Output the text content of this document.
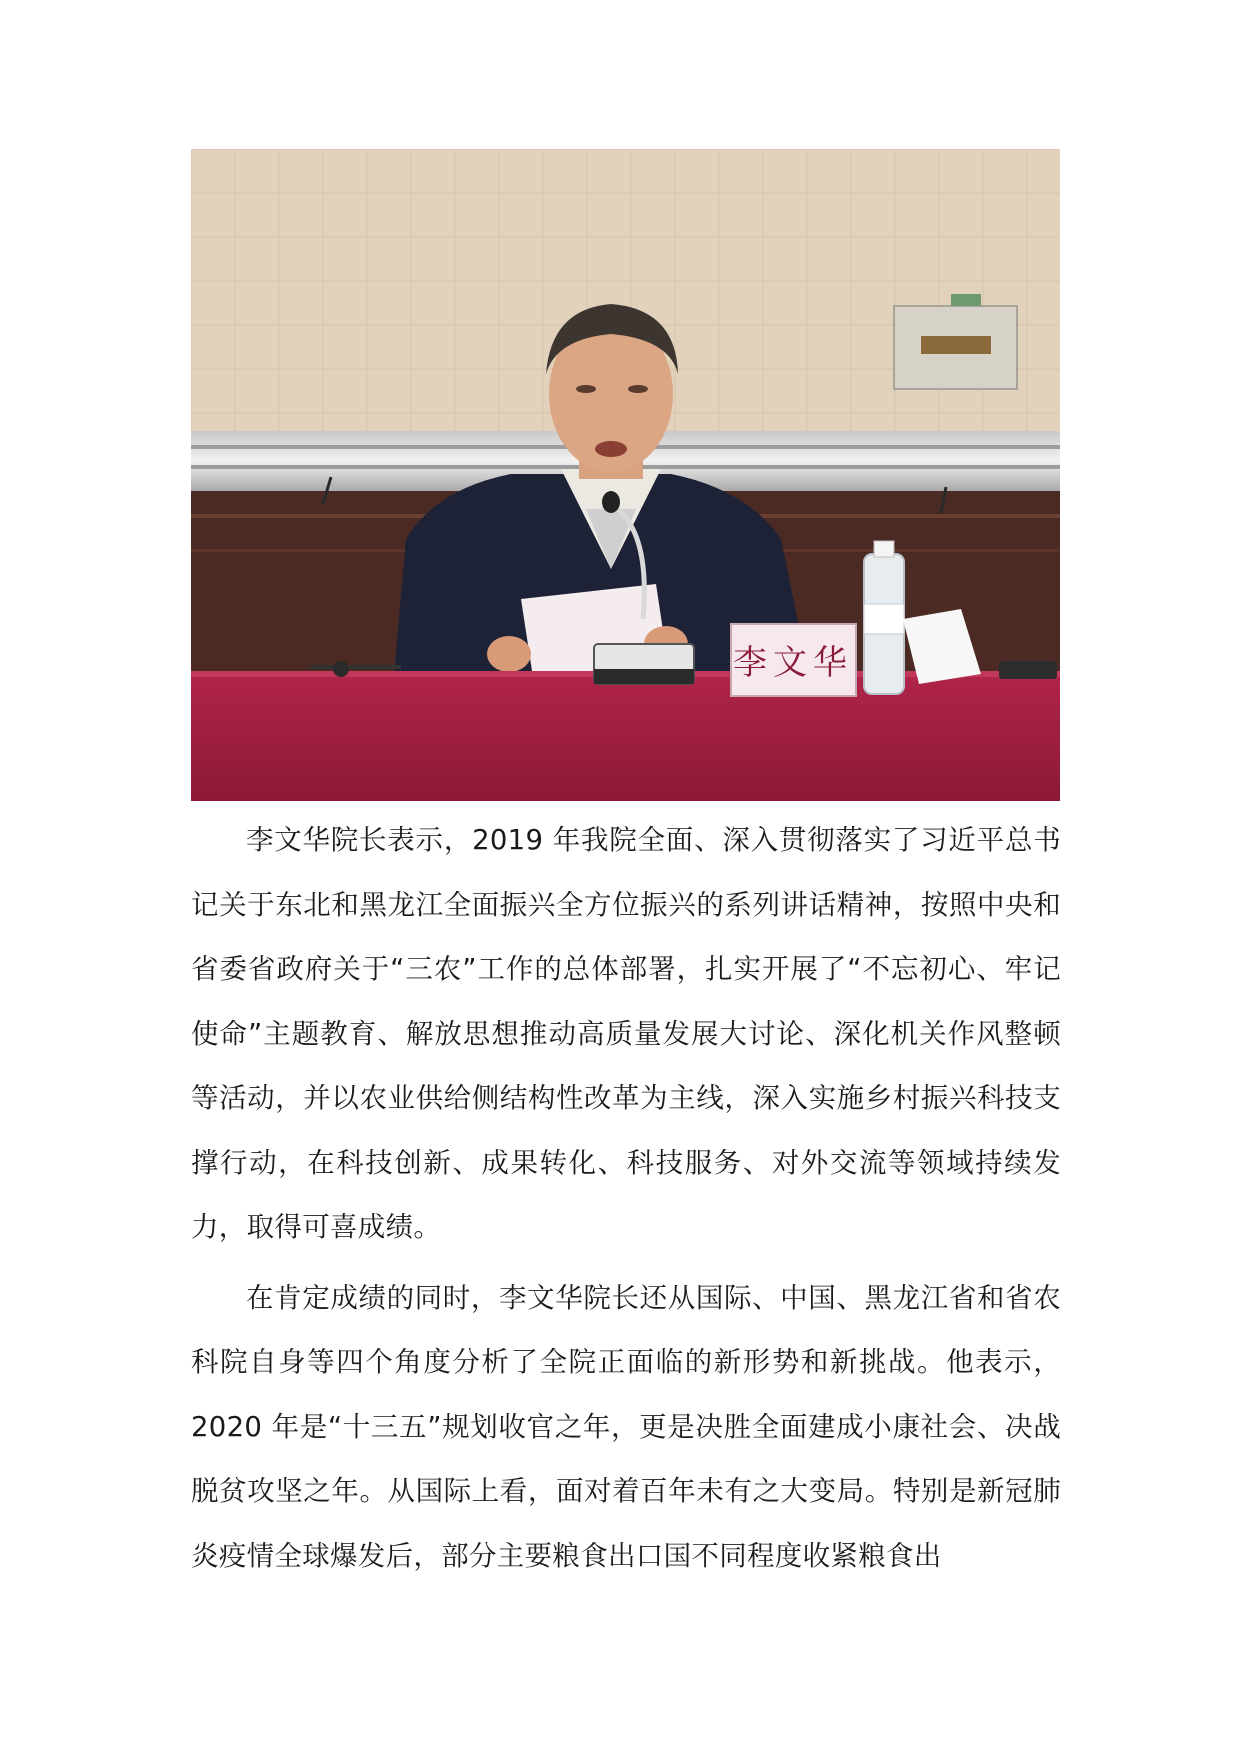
李文华

李文华院长表示，2019 年我院全面、深入贯彻落实了习近平总书记关于东北和黑龙江全面振兴全方位振兴的系列讲话精神，按照中央和省委省政府关于“三农”工作的总体部署，扎实开展了“不忘初心、牢记使命”主题教育、解放思想推动高质量发展大讨论、深化机关作风整顿等活动，并以农业供给侧结构性改革为主线，深入实施乡村振兴科技支撑行动，在科技创新、成果转化、科技服务、对外交流等领域持续发力，取得可喜成绩。

在肯定成绩的同时，李文华院长还从国际、中国、黑龙江省和省农科院自身等四个角度分析了全院正面临的新形势和新挑战。他表示，2020 年是“十三五”规划收官之年，更是决胜全面建成小康社会、决战脱贫攻坚之年。从国际上看，面对着百年未有之大变局。特别是新冠肺炎疫情全球爆发后，部分主要粮食出口国不同程度收紧粮食出
